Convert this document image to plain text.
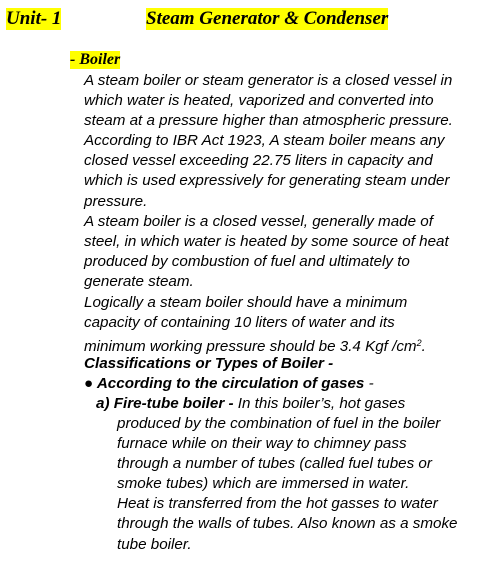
Unit- 1	Steam Generator & Condenser
- Boiler
A steam boiler or steam generator is a closed vessel in
which water is heated, vaporized and converted into
steam at a pressure higher than atmospheric pressure.
According to IBR Act 1923, A steam boiler means any
closed vessel exceeding 22.75 liters in capacity and
which is used expressively for generating steam under
pressure.
A steam boiler is a closed vessel, generally made of
steel, in which water is heated by some source of heat
produced by combustion of fuel and ultimately to
generate steam.
Logically a steam boiler should have a minimum
capacity of containing 10 liters of water and its
minimum working pressure should be 3.4 Kgf $/cm^2$.
Classifications or Types of Boiler -
● According to the circulation of gases -
a) Fire-tube boiler - In this boiler’s, hot gases
produced by the combination of fuel in the boiler
furnace while on their way to chimney pass
through a number of tubes (called fuel tubes or
smoke tubes) which are immersed in water.
Heat is transferred from the hot gasses to water
through the walls of tubes. Also known as a smoke
tube boiler.
